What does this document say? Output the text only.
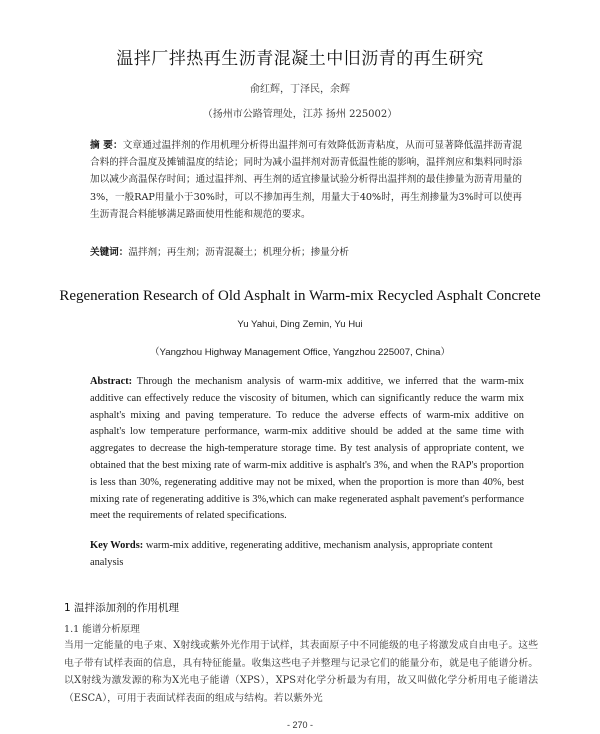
温拌厂拌热再生沥青混凝土中旧沥青的再生研究
俞红辉，丁泽民，余辉
（扬州市公路管理处，江苏 扬州 225002）
摘 要：文章通过温拌剂的作用机理分析得出温拌剂可有效降低沥青粘度，从而可显著降低温拌沥青混合料的拌合温度及摊铺温度的结论；同时为减小温拌剂对沥青低温性能的影响，温拌剂应和集料同时添加以减少高温保存时间；通过温拌剂、再生剂的适宜掺量试验分析得出温拌剂的最佳掺量为沥青用量的3%，一般RAP用量小于30%时，可以不掺加再生剂，用量大于40%时，再生剂掺量为3%时可以使再生沥青混合料能够满足路面使用性能和规范的要求。
关键词：温拌剂；再生剂；沥青混凝土；机理分析；掺量分析
Regeneration Research of Old Asphalt in Warm-mix Recycled Asphalt Concrete
Yu Yahui, Ding Zemin, Yu Hui
（Yangzhou Highway Management Office, Yangzhou 225007, China）
Abstract: Through the mechanism analysis of warm-mix additive, we inferred that the warm-mix additive can effectively reduce the viscosity of bitumen, which can significantly reduce the warm mix asphalt's mixing and paving temperature. To reduce the adverse effects of warm-mix additive on asphalt's low temperature performance, warm-mix additive should be added at the same time with aggregates to decrease the high-temperature storage time. By test analysis of appropriate content, we obtained that the best mixing rate of warm-mix additive is asphalt's 3%, and when the RAP's proportion is less than 30%, regenerating additive may not be mixed, when the proportion is more than 40%, best mixing rate of regenerating additive is 3%,which can make regenerated asphalt pavement's performance meet the requirements of related specifications.
Key Words: warm-mix additive, regenerating additive, mechanism analysis, appropriate content analysis
1 温拌添加剂的作用机理
1.1 能谱分析原理
当用一定能量的电子束、X射线或紫外光作用于试样，其表面原子中不同能级的电子将激发成自由电子。这些电子带有试样表面的信息，具有特征能量。收集这些电子并整理与记录它们的能量分布，就是电子能谱分析。以X射线为激发源的称为X光电子能谱（XPS），XPS对化学分析最为有用，故又叫做化学分析用电子能谱法（ESCA），可用于表面试样表面的组成与结构。若以紫外光
- 270 -
